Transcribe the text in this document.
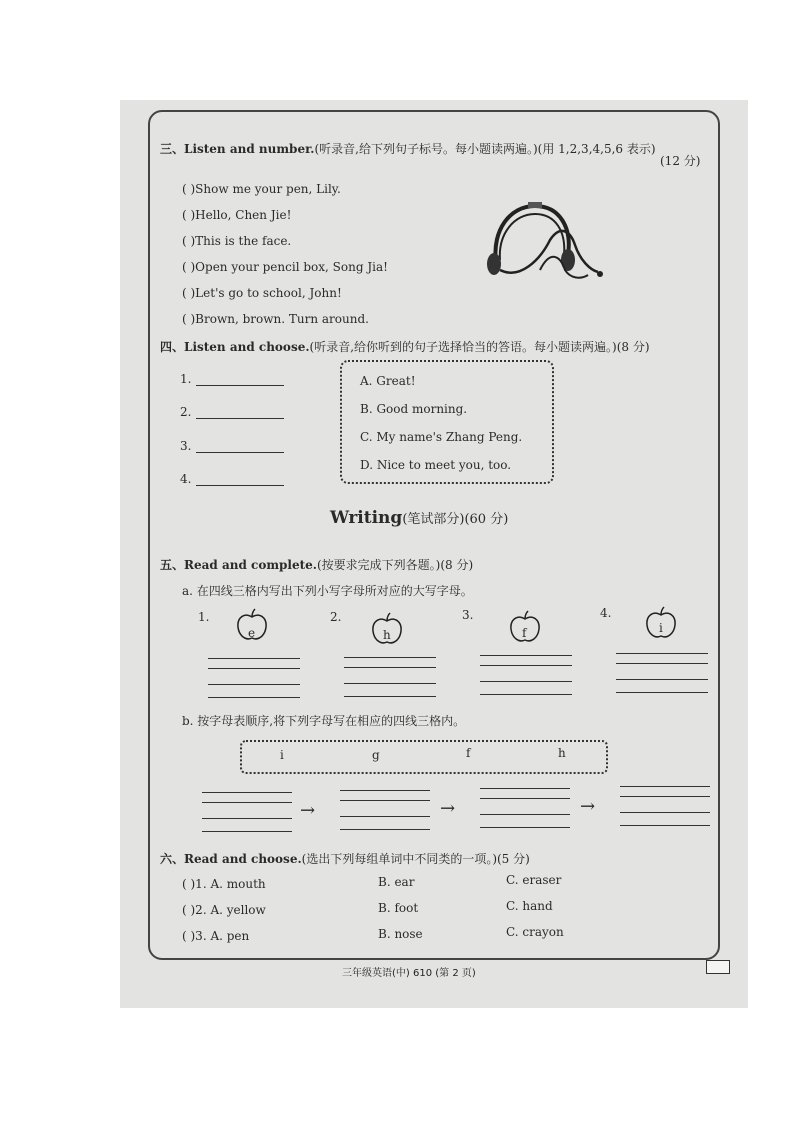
三、Listen and number.(听录音,给下列句子标号。每小题读两遍。)(用 1,2,3,4,5,6 表示)
(12 分)
( )Show me your pen, Lily.
( )Hello, Chen Jie!
( )This is the face.
( )Open your pencil box, Song Jia!
( )Let's go to school, John!
( )Brown, brown. Turn around.
四、Listen and choose.(听录音,给你听到的句子选择恰当的答语。每小题读两遍。)(8 分)
1.
2.
3.
4.
A. Great!
B. Good morning.
C. My name's Zhang Peng.
D. Nice to meet you, too.
Writing(笔试部分)(60 分)
五、Read and complete.(按要求完成下列各题。)(8 分)
a. 在四线三格内写出下列小写字母所对应的大写字母。
1.
e
2.
h
3.
f
4.
i
b. 按字母表顺序,将下列字母写在相应的四线三格内。
i	g	f	h
→	→	→
六、Read and choose.(选出下列每组单词中不同类的一项。)(5 分)
( )1. A. mouth	B. ear	C. eraser
( )2. A. yellow	B. foot	C. hand
( )3. A. pen	B. nose	C. crayon
三年级英语(中) 610 (第 2 页)
